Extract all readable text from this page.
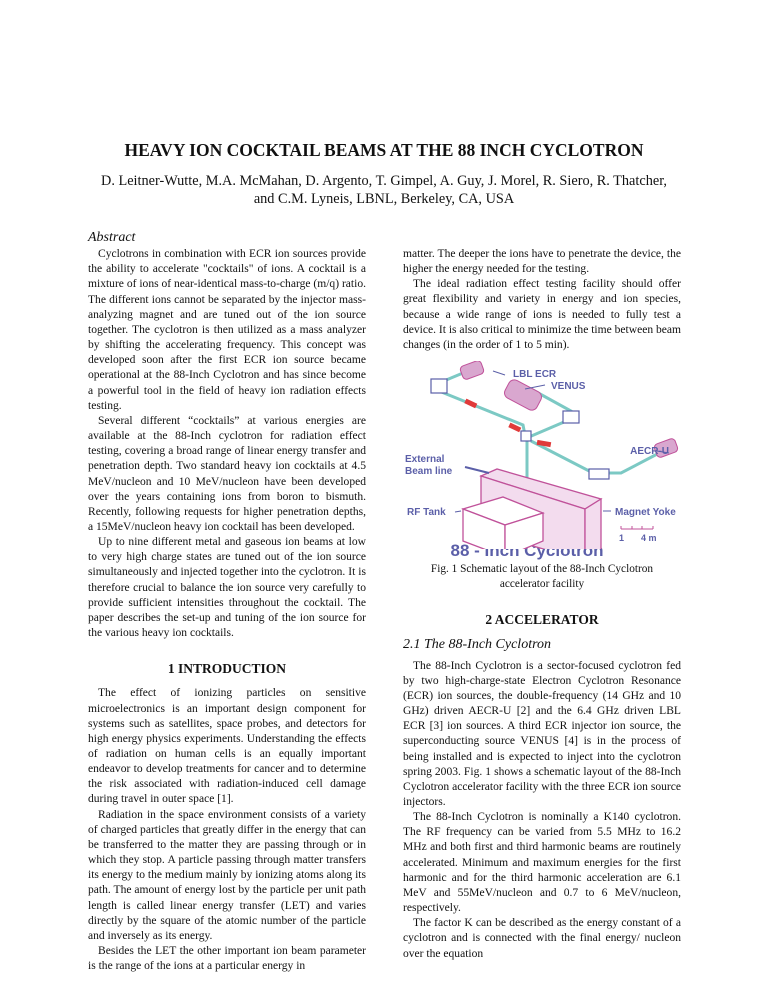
HEAVY ION COCKTAIL BEAMS AT THE 88 INCH CYCLOTRON
D. Leitner-Wutte, M.A. McMahan, D. Argento, T. Gimpel, A. Guy, J. Morel, R. Siero, R. Thatcher,
and C.M. Lyneis, LBNL, Berkeley, CA, USA
Abstract

Cyclotrons in combination with ECR ion sources provide the ability to accelerate "cocktails" of ions. A cocktail is a mixture of ions of near-identical mass-to-charge (m/q) ratio. The different ions cannot be separated by the injector mass-analyzing magnet and are tuned out of the ion source together. The cyclotron is then utilized as a mass analyzer by shifting the accelerating frequency. This concept was developed soon after the first ECR ion source became operational at the 88-Inch Cyclotron and has since become a powerful tool in the field of heavy ion radiation effects testing.

Several different “cocktails” at various energies are available at the 88-Inch cyclotron for radiation effect testing, covering a broad range of linear energy transfer and penetration depth. Two standard heavy ion cocktails at 4.5 MeV/nucleon and 10 MeV/nucleon have been developed over the years containing ions from boron to bismuth. Recently, following requests for higher penetration depths, a 15MeV/nucleon heavy ion cocktail has been developed.

Up to nine different metal and gaseous ion beams at low to very high charge states are tuned out of the ion source simultaneously and injected together into the cyclotron. It is therefore crucial to balance the ion source very carefully to provide sufficient intensities throughout the cocktail. The paper describes the set-up and tuning of the ion source for the various heavy ion cocktails.

1 INTRODUCTION

The effect of ionizing particles on sensitive microelectronics is an important design component for systems such as satellites, space probes, and detectors for high energy physics experiments. Understanding the effects of radiation on human cells is an equally important endeavor to develop treatments for cancer and to determine the risk associated with radiation-induced cell damage during travel in outer space [1].

Radiation in the space environment consists of a variety of charged particles that greatly differ in the energy that can be transferred to the matter they are passing through or in which they stop. A particle passing through matter transfers its energy to the medium mainly by ionizing atoms along its path. The amount of energy lost by the particle per unit path length is called linear energy transfer (LET) and varies directly by the square of the atomic number of the particle and inversely as its energy.

Besides the LET the other important ion beam parameter is the range of the ions at a particular energy in

matter. The deeper the ions have to penetrate the device, the higher the energy needed for the testing.

The ideal radiation effect testing facility should offer great flexibility and variety in energy and ion species, because a wide range of ions is needed to fully test a device. It is also critical to minimize the time between beam changes (in the order of 1 to 5 min).

LBL ECR
VENUS
AECR-U
External
Beam line
RF Tank	Magnet Yoke
1 4 m
88 - Inch Cyclotron
Fig. 1 Schematic layout of the 88-Inch Cyclotron
accelerator facility
2 ACCELERATOR
2.1 The 88-Inch Cyclotron

The 88-Inch Cyclotron is a sector-focused cyclotron fed by two high-charge-state Electron Cyclotron Resonance (ECR) ion sources, the double-frequency (14 GHz and 10 GHz) driven AECR-U [2] and the 6.4 GHz driven LBL ECR [3] ion sources. A third ECR injector ion source, the superconducting source VENUS [4] is in the process of being installed and is expected to inject into the cyclotron spring 2003. Fig. 1 shows a schematic layout of the 88-Inch Cyclotron accelerator facility with the three ECR ion source injectors.

The 88-Inch Cyclotron is nominally a K140 cyclotron. The RF frequency can be varied from 5.5 MHz to 16.2 MHz and both first and third harmonic beams are routinely accelerated. Minimum and maximum energies for the first harmonic and for the third harmonic acceleration are 6.1 MeV and 55MeV/nucleon and 0.7 to 6 MeV/nucleon, respectively.

The factor K can be described as the energy constant of a cyclotron and is connected with the final energy/ nucleon over the equation
